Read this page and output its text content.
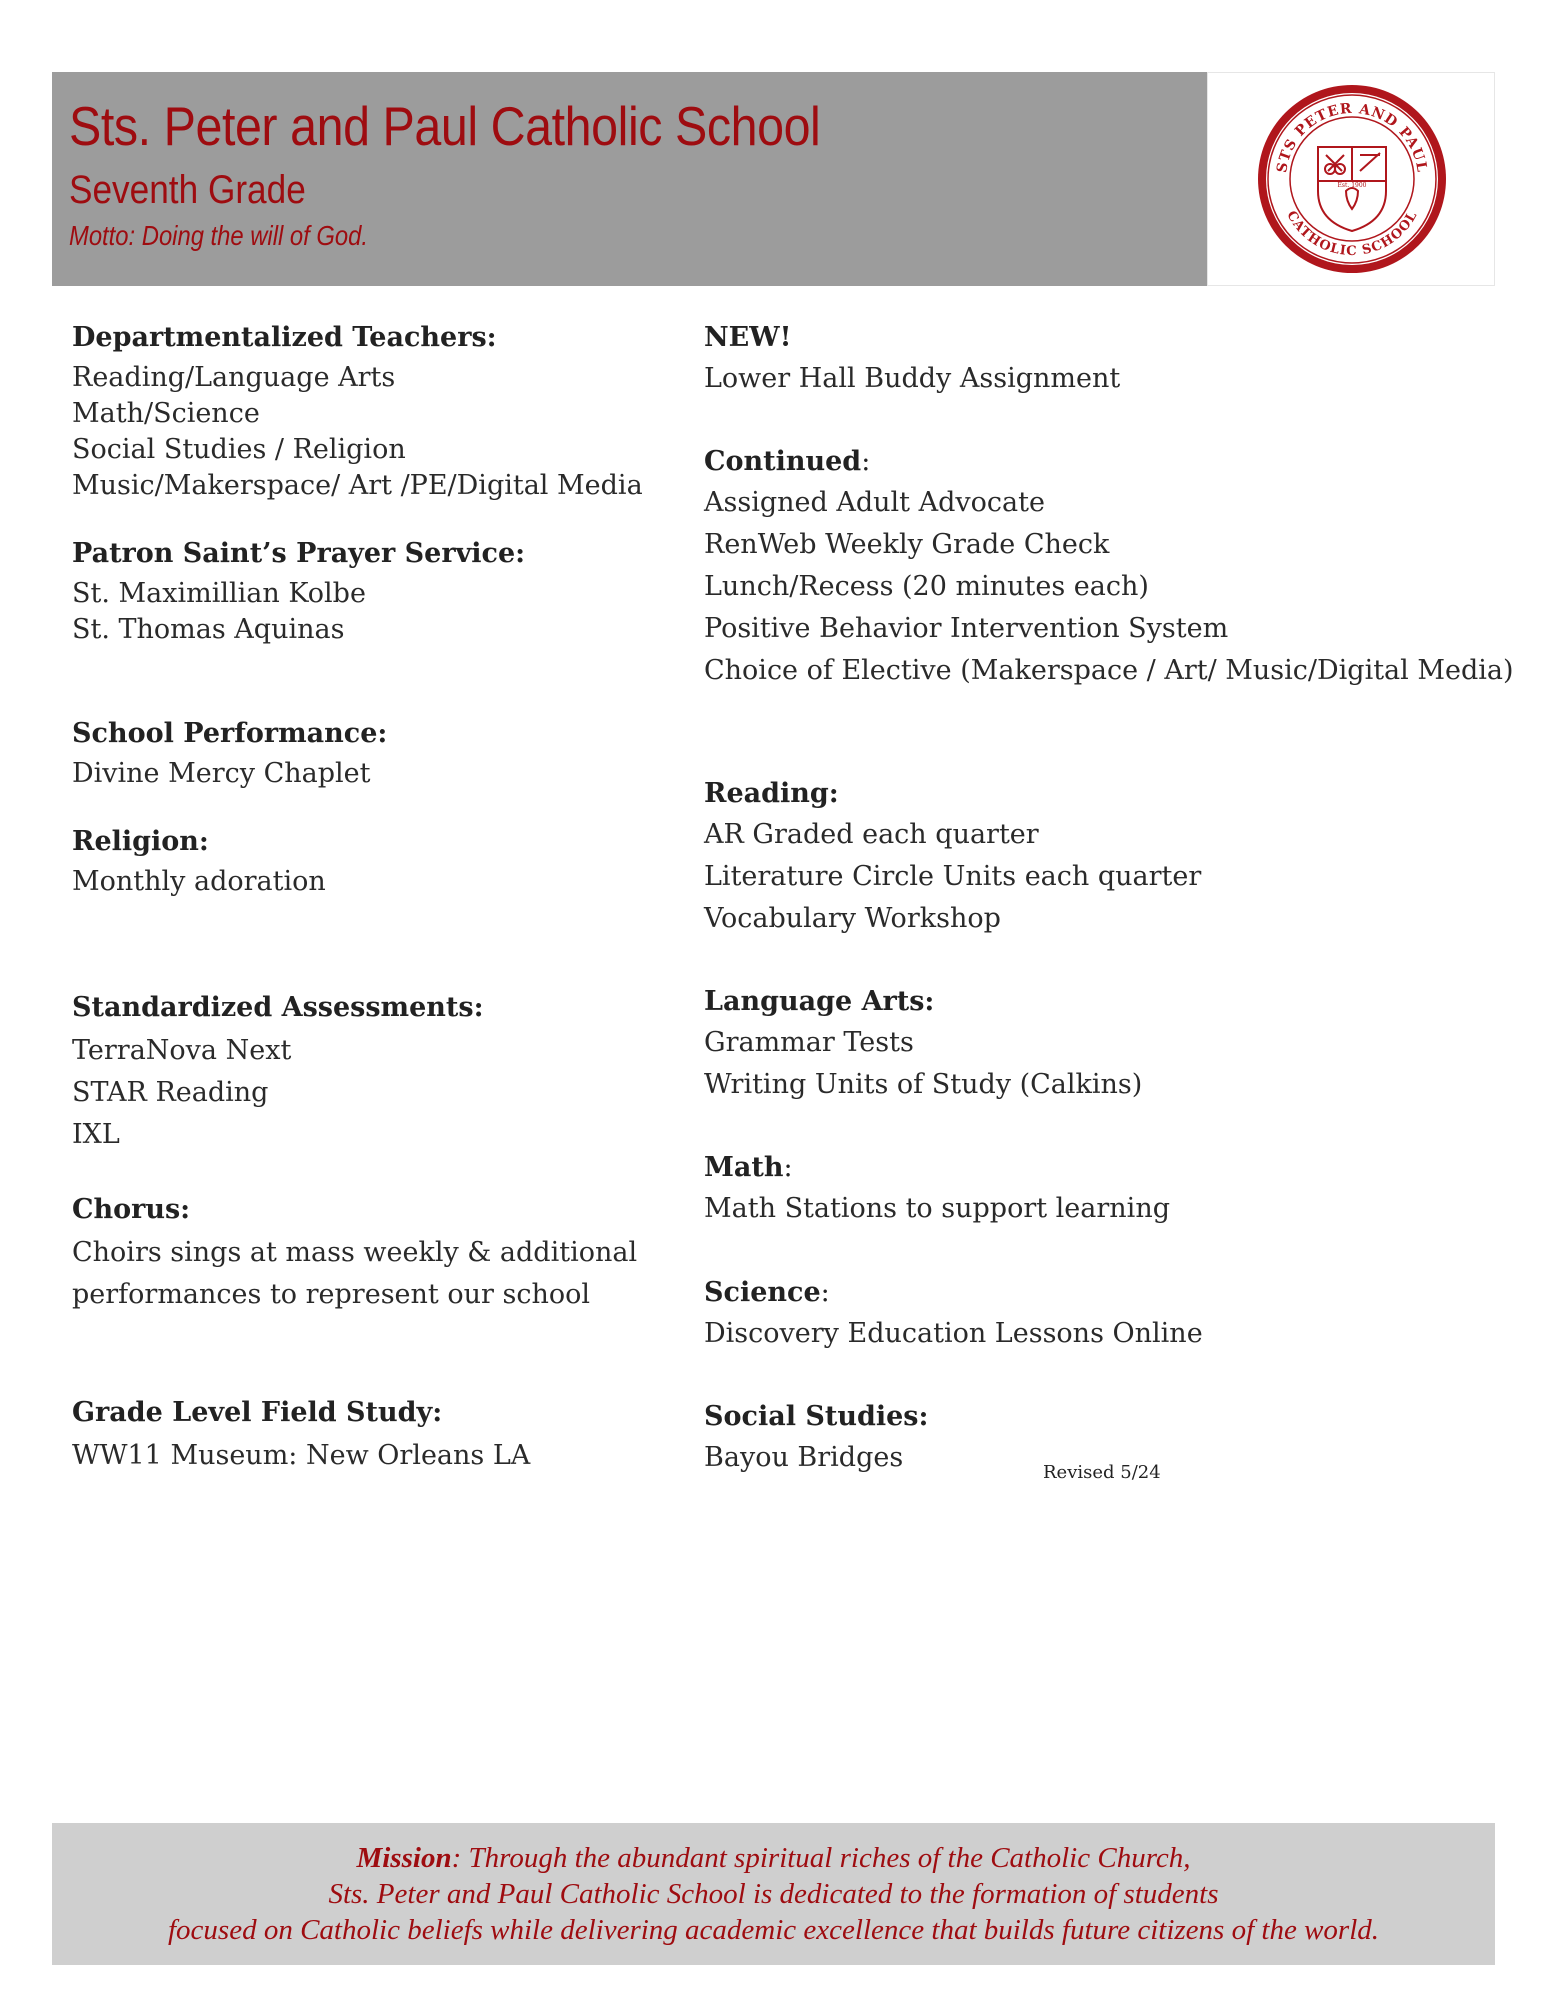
Sts. Peter and Paul Catholic School
Seventh Grade
Motto: Doing the will of God.
STS PETER AND PAUL
CATHOLIC SCHOOL
Est. 1900
Departmentalized Teachers:
Reading/Language Arts
Math/Science
Social Studies / Religion
Music/Makerspace/ Art /PE/Digital Media
Patron Saint’s Prayer Service:
St. Maximillian Kolbe
St. Thomas Aquinas
School Performance:
Divine Mercy Chaplet
Religion:
Monthly adoration
Standardized Assessments:
TerraNova Next
STAR Reading
IXL
Chorus:
Choirs sings at mass weekly & additional
performances to represent our school
Grade Level Field Study:
WW11 Museum: New Orleans LA
NEW!
Lower Hall Buddy Assignment
Continued:
Assigned Adult Advocate
RenWeb Weekly Grade Check
Lunch/Recess (20 minutes each)
Positive Behavior Intervention System
Choice of Elective (Makerspace / Art/ Music/Digital Media)
Reading:
AR Graded each quarter
Literature Circle Units each quarter
Vocabulary Workshop
Language Arts:
Grammar Tests
Writing Units of Study (Calkins)
Math:
Math Stations to support learning
Science:
Discovery Education Lessons Online
Social Studies:
Bayou Bridges	Revised 5/24
Mission: Through the abundant spiritual riches of the Catholic Church,
Sts. Peter and Paul Catholic School is dedicated to the formation of students
focused on Catholic beliefs while delivering academic excellence that builds future citizens of the world.
